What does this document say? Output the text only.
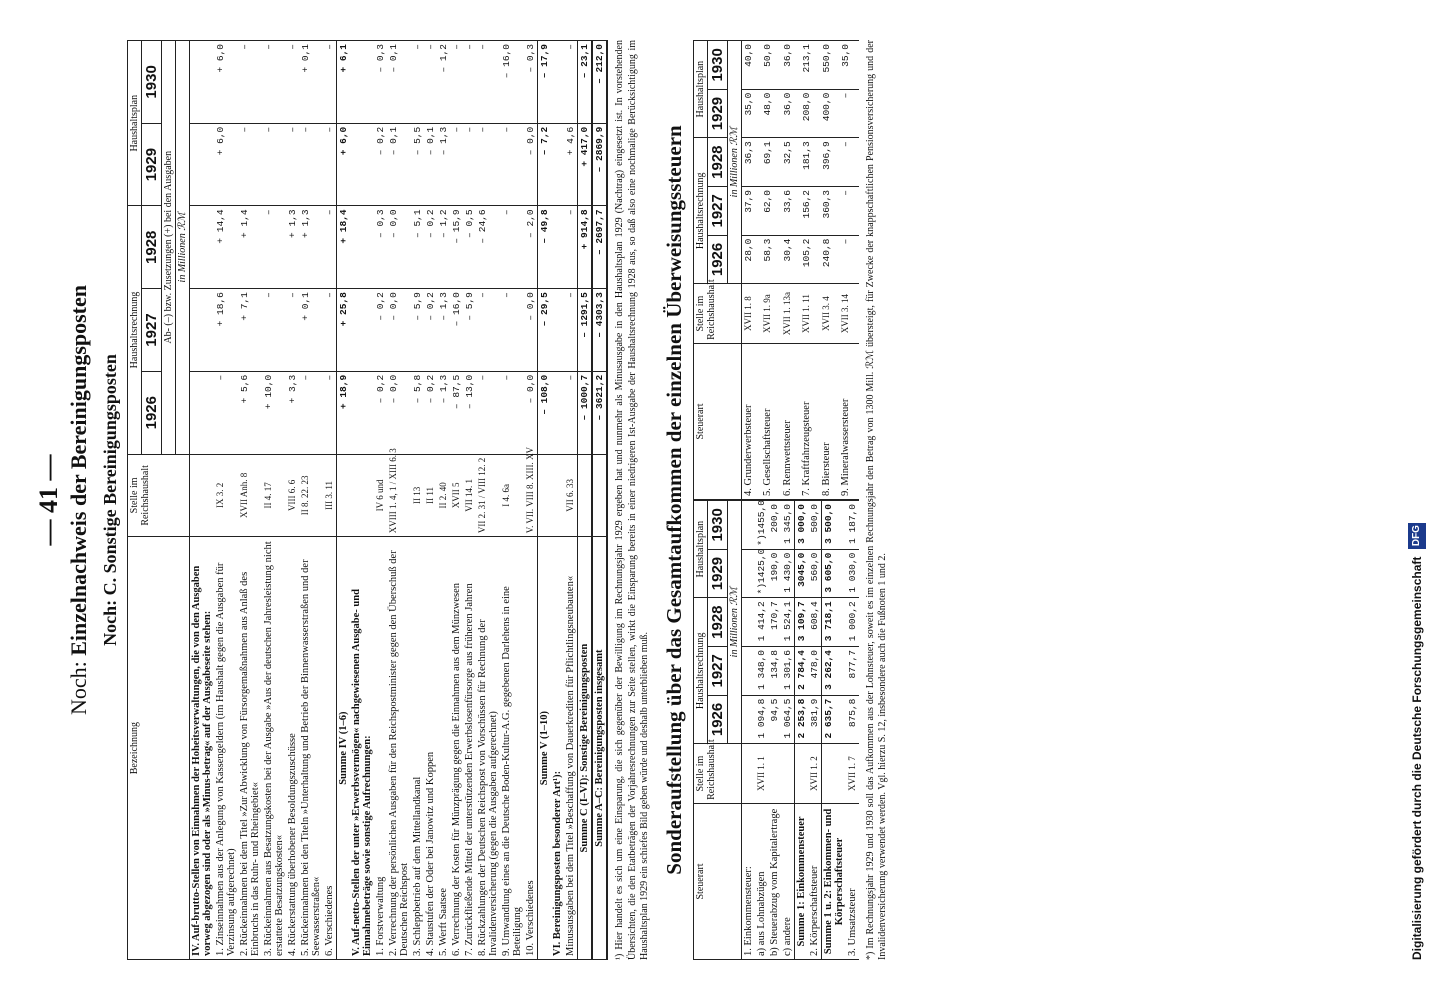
— 41 —
Noch: Einzelnachweis der Bereinigungsposten Noch: C. Sonstige Bereinigungsposten
Bezeichnung	Stelle im Reichshaushalt	Haushaltsrechnung			Haushaltsplan	
		1926	1927	1928	1929	1930
		Ab- (–) bzw. Zusetzungen (+) bei den Ausgaben				
		in Millionen ℛℳ				
IV. Auf-brutto-Stellen von Einnahmen der Hoheitsverwaltungen, die von den Ausgaben vorweg abgezogen sind oder als »Minus-betrag« auf der Ausgabeseite stehen:						
1. Zinseinnahmen aus der Anlegung von Kassengeldern (im Haushalt gegen die Ausgaben für Verzinsung aufgerechnet)	IX 3. 2	–	+ 18,6	+ 14,4	+ 6,0	+ 6,0
2. Rückeinnahmen bei dem Titel »Zur Abwicklung von Fürsorgemaßnahmen aus Anlaß des Einbruchs in das Ruhr- und Rheingebiet«	XVII Anh. 8	+ 5,6	+ 7,1	+ 1,4	–	–
3. Rückeinnahmen aus Besatzungskosten bei der Ausgabe »Aus der deutschen Jahresleistung nicht erstattete Besatzungskosten«	II 4. 17	+ 10,0	–	–	–	–
4. Rückerstattung überhobener Besoldungszuschüsse	VIII 6. 6	+ 3,3	–	+ 1,3	–	–
5. Rückeinnahmen bei den Titeln »Unterhaltung und Betrieb der Binnenwasserstraßen und der Seewasserstraßen«	II 8. 22. 23	–	+ 0,1	+ 1,3	–	+ 0,1
6. Verschiedenes	III 3. 11	–	–	–	–	–
Summe IV (1–6)		+ 18,9	+ 25,8	+ 18,4	+ 6,0	+ 6,1
V. Auf-netto-Stellen der unter »Erwerbsvermögen« nachgewiesenen Ausgabe- und Einnahmebeträge sowie sonstige Aufrechnungen:						
1. Forstverwaltung	IV 6 und	– 0,2	– 0,2	– 0,3	– 0,2	– 0,3
2. Verrechnung der persönlichen Ausgaben für den Reichspostminister gegen den Überschuß der Deutschen Reichspost	XVIII 1. 4, 1 / XIII 6. 3	– 0,0	– 0,0	– 0,0	– 0,1	– 0,1
3. Schleppbetrieb auf dem Mittellandkanal	II 13	– 5,8	– 5,9	– 5,1	– 5,5	–
4. Staustufen der Oder bei Janowitz und Koppen	II 11	– 0,2	– 0,2	– 0,2	– 0,1	–
5. Werft Saatsee	II 2. 40	– 1,3	– 1,3	– 1,2	– 1,3	– 1,2
6. Verrechnung der Kosten für Münzprägung gegen die Einnahmen aus dem Münzwesen	XVII 5	– 87,5	– 16,0	– 15,9	–	–
7. Zurückfließende Mittel der unterstützenden Erwerbslosenfürsorge aus früheren Jahren	VII 14. 1	– 13,0	– 5,9	– 0,5	–	–
8. Rückzahlungen der Deutschen Reichspost von Vorschüssen für Rechnung der Invalidenversicherung (gegen die Ausgaben aufgerechnet)	VII 2. 31 / VIII 12. 2	–	–	– 24,6	–	–
9. Umwandlung eines an die Deutsche Boden-Kultur-A.G. gegebenen Darlehens in eine Beteiligung	I 4. 6a	–	–	–	–	– 16,0
10. Verschiedenes	V. VII. VIII 8. XIII. XV	– 0,0	– 0,0	– 2,0	– 0,0	– 0,3
Summe V (1–10)		– 108,0	– 29,5	– 49,8	– 7,2	– 17,9
VI. Bereinigungsposten besonderer Art¹):						
Minusausgaben bei dem Titel »Beschaffung von Dauerkrediten für Pflichtlingsneubauten«	VII 6. 33	–	–	–	+ 4,6	–
Summe C (I–VI): Sonstige Bereinigungsposten		– 1000,7	– 1291,5	+ 914,8	+ 417,0	– 23,1
Summe A–C: Bereinigungsposten insgesamt		– 3621,2	– 4303,3	– 2697,7	– 2869,9	– 212,0 ¹) Hier handelt es sich um eine Einsparung, die sich gegenüber der Bewilligung im Rechnungsjahr 1929 ergeben hat und nunmehr als Minusausgabe in den Haushaltsplan 1929 (Nachtrag) eingesetzt ist. In vorstehenden Übersichten, die den Etatbeträgen der Vorjahresrechnungen zur Seite stellen, wirkt die Einsparung bereits in einer niedrigeren Ist-Ausgabe der Haushaltsrechnung 1928 aus, so daß also eine nochmalige Berücksichtigung im Haushaltsplan 1929 ein schiefes Bild geben würde und deshalb unterblieben muß. Sonderaufstellung über das Gesamtaufkommen der einzelnen Überweisungssteuern
Steuerart	Stelle im Reichshaushalt	Haushaltsrechnung			Haushaltsplan	
		1926	1927	1928	1929	1930
		in Millionen ℛℳ				
1. Einkommensteuer:						
a) aus Lohnabzügen	XVII 1. 1	1 094,8	1 348,0	1 414,2	*)1425,0	*)1455,0
b) Steuerabzug vom Kapitalertrage		94,5	134,8	170,7	190,0	200,0
c) andere		1 064,5	1 301,6	1 524,1	1 430,0	1 345,0
Summe 1: Einkommensteuer		2 253,8	2 784,4	3 109,7	3045,0	3 000,0
2. Körperschaftsteuer	XVII 1. 2	381,9	478,0	608,4	560,0	500,0
Summe 1 u. 2: Einkommen- und Körperschaftsteuer		2 635,7	3 262,4	3 718,1	3 605,0	3 500,0
3. Umsatzsteuer	XVII 1. 7	875,8	877,7	1 000,2	1 030,0	1 187,0
Steuerart	Stelle im Reichshaushalt	Haushaltsrechnung			Haushaltsplan	
		1926	1927	1928	1929	1930
		in Millionen ℛℳ				
4. Grunderwerbsteuer	XVII 1. 8	28,0	37,9	36,3	35,0	40,0
5. Gesellschaftsteuer	XVII 1. 9a	58,3	62,0	69,1	48,0	50,0
6. Rennwettsteuer	XVII 1. 13a	30,4	33,6	32,5	36,0	36,0
7. Kraftfahrzeugsteuer	XVII 1. 11	105,2	156,2	181,3	208,0	213,1
8. Biersteuer	XVII 3. 4	240,8	360,3	396,9	400,0	550,0
9. Mineralwassersteuer	XVII 3. 14	–	–	–	–	35,0 *) Im Rechnungsjahr 1929 und 1930 soll das Aufkommen aus der Lohnsteuer, soweit es im einzelnen Rechnungsjahr den Betrag von 1300 Mill. ℛℳ übersteigt, für Zwecke der knappschaftlichen Pensionsversicherung und der Invalidenversicherung verwendet werden. Vgl. hierzu S. 12, insbesondere auch die Fußnoten 1 und 2.	Digitalisierung gefördert durch die Deutsche Forschungsgemeinschaft
DFG
